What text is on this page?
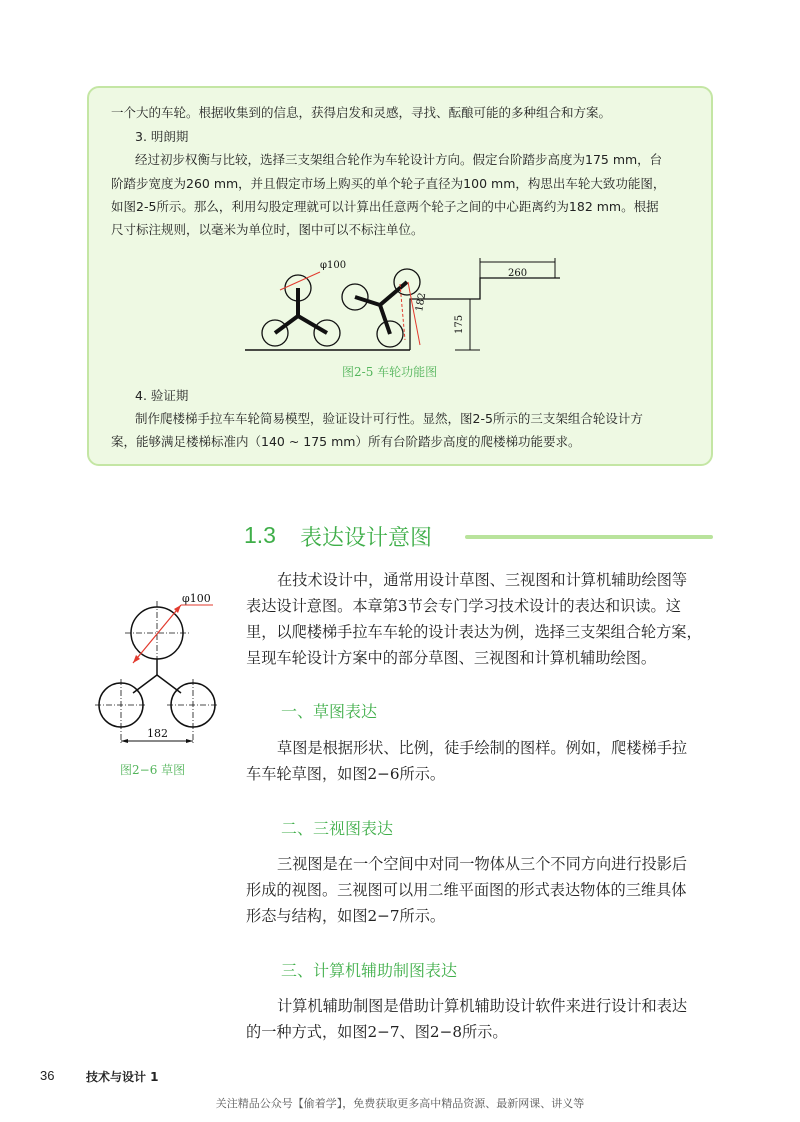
一个大的车轮。根据收集到的信息，获得启发和灵感，寻找、酝酿可能的多种组合和方案。
3. 明朗期
经过初步权衡与比较，选择三支架组合轮作为车轮设计方向。假定台阶踏步高度为175 mm，台
阶踏步宽度为260 mm，并且假定市场上购买的单个轮子直径为100 mm，构思出车轮大致功能图，
如图2-5所示。那么，利用勾股定理就可以计算出任意两个轮子之间的中心距离约为182 mm。根据
尺寸标注规则，以毫米为单位时，图中可以不标注单位。
φ100
182
260
175
图2-5 车轮功能图
4. 验证期
制作爬楼梯手拉车车轮简易模型，验证设计可行性。显然，图2-5所示的三支架组合轮设计方
案，能够满足楼梯标准内（140 ~ 175 mm）所有台阶踏步高度的爬楼梯功能要求。
1.3 表达设计意图
在技术设计中，通常用设计草图、三视图和计算机辅助绘图等
表达设计意图。本章第3节会专门学习技术设计的表达和识读。这
里，以爬楼梯手拉车车轮的设计表达为例，选择三支架组合轮方案，
呈现车轮设计方案中的部分草图、三视图和计算机辅助绘图。
φ100
182
图2−6 草图
一、草图表达
草图是根据形状、比例，徒手绘制的图样。例如，爬楼梯手拉
车车轮草图，如图2−6所示。
二、三视图表达
三视图是在一个空间中对同一物体从三个不同方向进行投影后
形成的视图。三视图可以用二维平面图的形式表达物体的三维具体
形态与结构，如图2−7所示。
三、计算机辅助制图表达
计算机辅助制图是借助计算机辅助设计软件来进行设计和表达
的一种方式，如图2−7、图2−8所示。
36	技术与设计 1
关注精品公众号【偷着学】，免费获取更多高中精品资源、最新网课、讲义等
